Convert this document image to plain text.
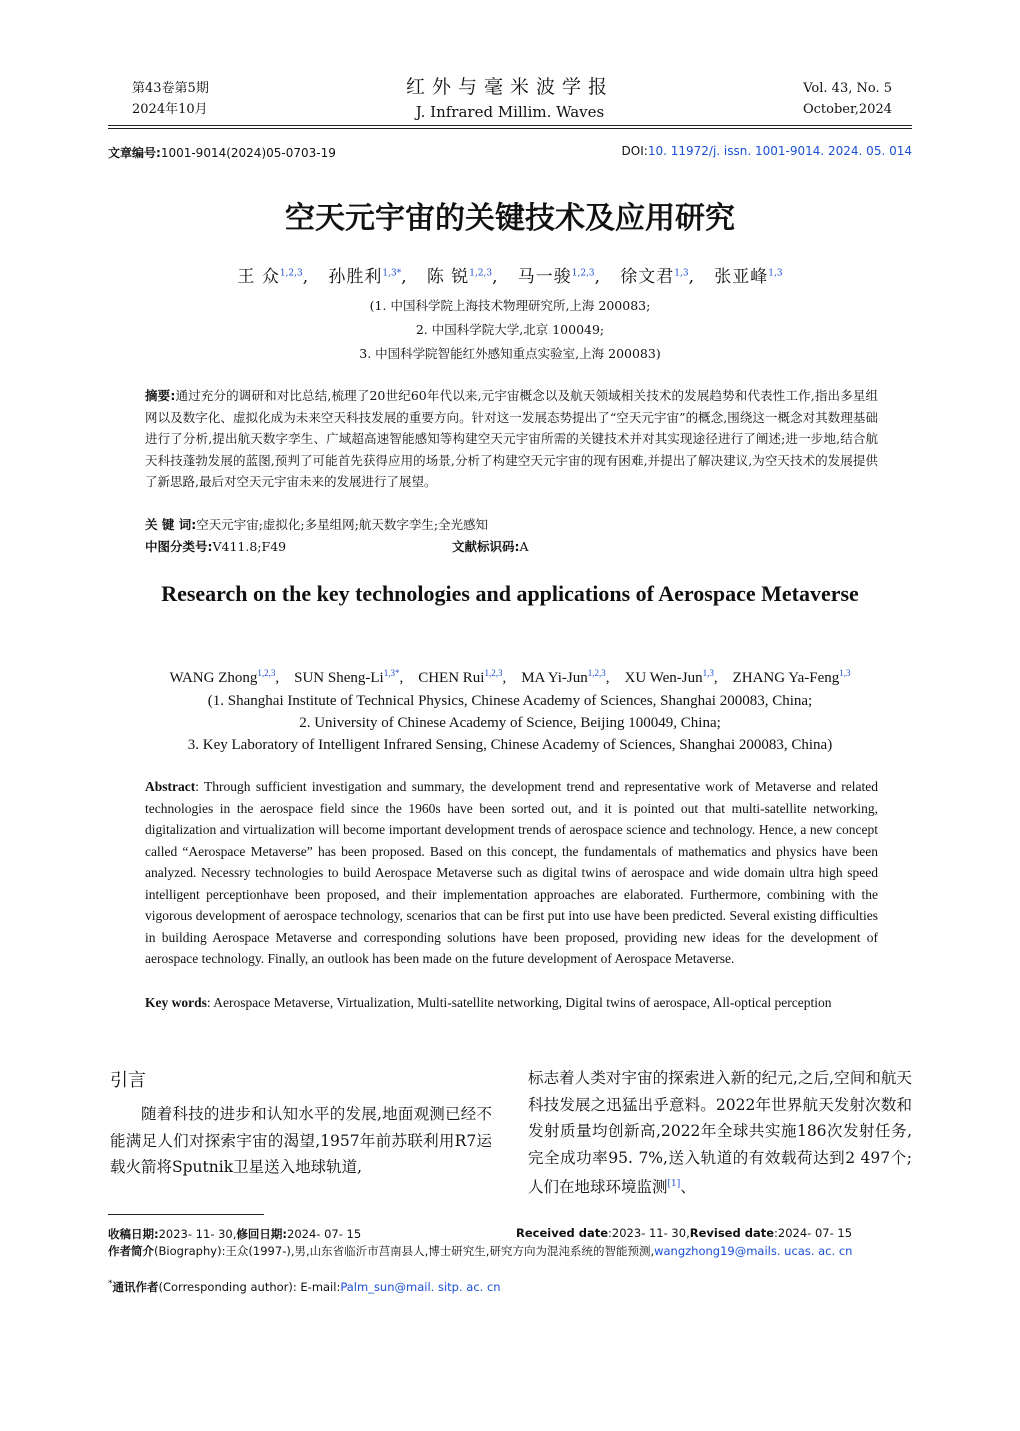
第43卷第5期
2024年10月
红外与毫米波学报
J. Infrared Millim. Waves
Vol. 43, No. 5
October,2024
文章编号:1001-9014(2024)05-0703-19	DOI:10. 11972/j. issn. 1001-9014. 2024. 05. 014
空天元宇宙的关键技术及应用研究
王 众$^{1,2,3}$,   孙胜利$^{1,3*}$,   陈 锐$^{1,2,3}$,   马一骏$^{1,2,3}$,   徐文君$^{1,3}$,   张亚峰$^{1,3}$
(1. 中国科学院上海技术物理研究所,上海 200083;
2. 中国科学院大学,北京 100049;
3. 中国科学院智能红外感知重点实验室,上海 200083)
摘要:通过充分的调研和对比总结,梳理了20世纪60年代以来,元宇宙概念以及航天领域相关技术的发展趋势和代表性工作,指出多星组网以及数字化、虚拟化成为未来空天科技发展的重要方向。针对这一发展态势提出了“空天元宇宙”的概念,围绕这一概念对其数理基础进行了分析,提出航天数字孪生、广域超高速智能感知等构建空天元宇宙所需的关键技术并对其实现途径进行了阐述;进一步地,结合航天科技蓬勃发展的蓝图,预判了可能首先获得应用的场景,分析了构建空天元宇宙的现有困难,并提出了解决建议,为空天技术的发展提供了新思路,最后对空天元宇宙未来的发展进行了展望。
关 键 词:空天元宇宙;虚拟化;多星组网;航天数字孪生;全光感知
中图分类号:V411.8;F49	文献标识码:A
Research on the key technologies and applications of Aerospace Metaverse
WANG Zhong$^{1,2,3}$,    SUN Sheng-$Li^{1,3*}$,    CHEN Rui$^{1,2,3}$,    MA Yi-Jun$^{1,2,3}$,    XU Wen-Jun$^{1,3}$,    ZHANG Ya-Feng$^{1,3}$
(1. Shanghai Institute of Technical Physics, Chinese Academy of Sciences, Shanghai 200083, China;
2. University of Chinese Academy of Science, Beijing 100049, China;
3. Key Laboratory of Intelligent Infrared Sensing, Chinese Academy of Sciences, Shanghai 200083, China)
Abstract: Through sufficient investigation and summary, the development trend and representative work of Metaverse and related technologies in the aerospace field since the 1960s have been sorted out, and it is pointed out that multi-satellite networking, digitalization and virtualization will become important development trends of aerospace science and technology. Hence, a new concept called “Aerospace Metaverse” has been proposed. Based on this concept, the fundamentals of mathematics and physics have been analyzed. Necessry technologies to build Aerospace Metaverse such as digital twins of aerospace and wide domain ultra high speed intelligent perceptionhave been proposed, and their implementation approaches are elaborated. Furthermore, combining with the vigorous development of aerospace technology, scenarios that can be first put into use have been predicted. Several existing difficulties in building Aerospace Metaverse and corresponding solutions have been proposed, providing new ideas for the development of aerospace technology. Finally, an outlook has been made on the future development of Aerospace Metaverse.
Key words: Aerospace Metaverse, Virtualization, Multi-satellite networking, Digital twins of aerospace, All-optical perception
引言
随着科技的进步和认知水平的发展,地面观测已经不能满足人们对探索宇宙的渴望,1957年前苏联利用R7运载火箭将Sputnik卫星送入地球轨道,
标志着人类对宇宙的探索进入新的纪元,之后,空间和航天科技发展之迅猛出乎意料。2022年世界航天发射次数和发射质量均创新高,2022年全球共实施186次发射任务,完全成功率95. 7%,送入轨道的有效载荷达到2 497个;人们在地球环境监测[1]、
收稿日期:2023- 11- 30,修回日期:2024- 07- 15	Received date:2023- 11- 30,Revised date:2024- 07- 15
作者简介(Biography):王众(1997-),男,山东省临沂市莒南县人,博士研究生,研究方向为混沌系统的智能预测,wangzhong19@mails. ucas. ac. cn
*通讯作者(Corresponding author): E-mail:Palm_sun@mail. sitp. ac. cn
